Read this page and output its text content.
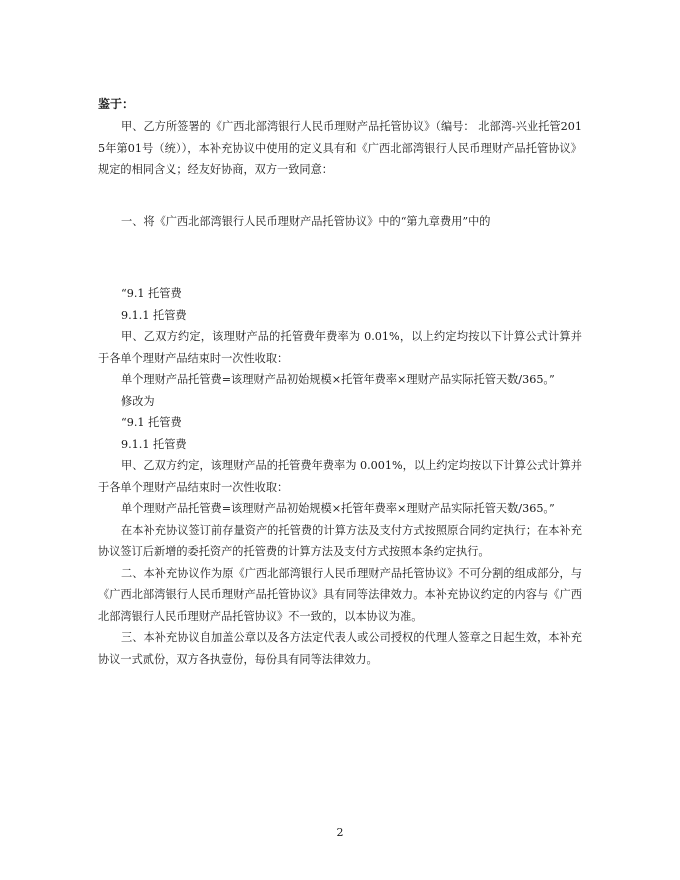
鉴于：

甲、乙方所签署的《广西北部湾银行人民币理财产品托管协议》（编号： 北部湾-兴业托管2015年第01号（统）），本补充协议中使用的定义具有和《广西北部湾银行人民币理财产品托管协议》规定的相同含义；经友好协商，双方一致同意：

一、将《广西北部湾银行人民币理财产品托管协议》中的“第九章费用”中的

“9.1 托管费

9.1.1 托管费

甲、乙双方约定，该理财产品的托管费年费率为 0.01%，以上约定均按以下计算公式计算并于各单个理财产品结束时一次性收取：

单个理财产品托管费=该理财产品初始规模×托管年费率×理财产品实际托管天数/365。”

修改为

“9.1 托管费

9.1.1 托管费

甲、乙双方约定，该理财产品的托管费年费率为 0.001%，以上约定均按以下计算公式计算并于各单个理财产品结束时一次性收取：

单个理财产品托管费=该理财产品初始规模×托管年费率×理财产品实际托管天数/365。”

在本补充协议签订前存量资产的托管费的计算方法及支付方式按照原合同约定执行；在本补充协议签订后新增的委托资产的托管费的计算方法及支付方式按照本条约定执行。

二、本补充协议作为原《广西北部湾银行人民币理财产品托管协议》不可分割的组成部分，与《广西北部湾银行人民币理财产品托管协议》具有同等法律效力。本补充协议约定的内容与《广西北部湾银行人民币理财产品托管协议》不一致的，以本协议为准。

三、本补充协议自加盖公章以及各方法定代表人或公司授权的代理人签章之日起生效，本补充协议一式贰份，双方各执壹份，每份具有同等法律效力。

2
